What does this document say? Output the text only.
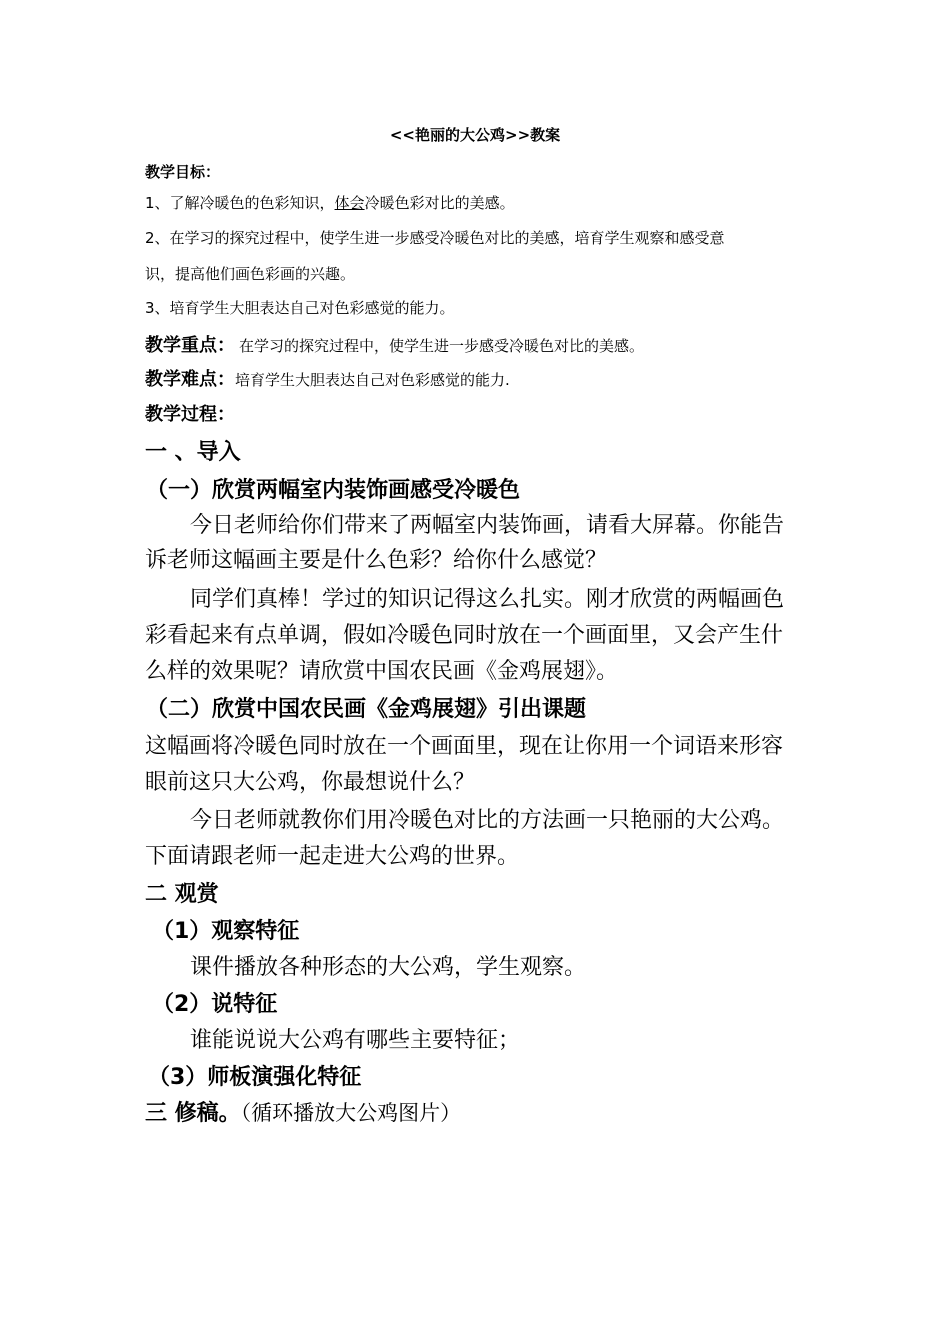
<<艳丽的大公鸡>>教案
教学目标：
1、了解冷暖色的色彩知识，体会冷暖色彩对比的美感。
2、在学习的探究过程中，使学生进一步感受冷暖色对比的美感，培育学生观察和感受意
识，提高他们画色彩画的兴趣。
3、培育学生大胆表达自己对色彩感觉的能力。
教学重点： 在学习的探究过程中，使学生进一步感受冷暖色对比的美感。
教学难点：培育学生大胆表达自己对色彩感觉的能力.
教学过程：
一 、导入
（一）欣赏两幅室内装饰画感受冷暖色
今日老师给你们带来了两幅室内装饰画，请看大屏幕。你能告
诉老师这幅画主要是什么色彩？给你什么感觉？
同学们真棒！学过的知识记得这么扎实。刚才欣赏的两幅画色
彩看起来有点单调，假如冷暖色同时放在一个画面里，又会产生什
么样的效果呢？请欣赏中国农民画《金鸡展翅》。
（二）欣赏中国农民画《金鸡展翅》引出课题
这幅画将冷暖色同时放在一个画面里，现在让你用一个词语来形容
眼前这只大公鸡，你最想说什么？
今日老师就教你们用冷暖色对比的方法画一只艳丽的大公鸡。
下面请跟老师一起走进大公鸡的世界。
二 观赏
（1）观察特征
课件播放各种形态的大公鸡，学生观察。
（2）说特征
谁能说说大公鸡有哪些主要特征；
（3）师板演强化特征
三 修稿。（循环播放大公鸡图片）
